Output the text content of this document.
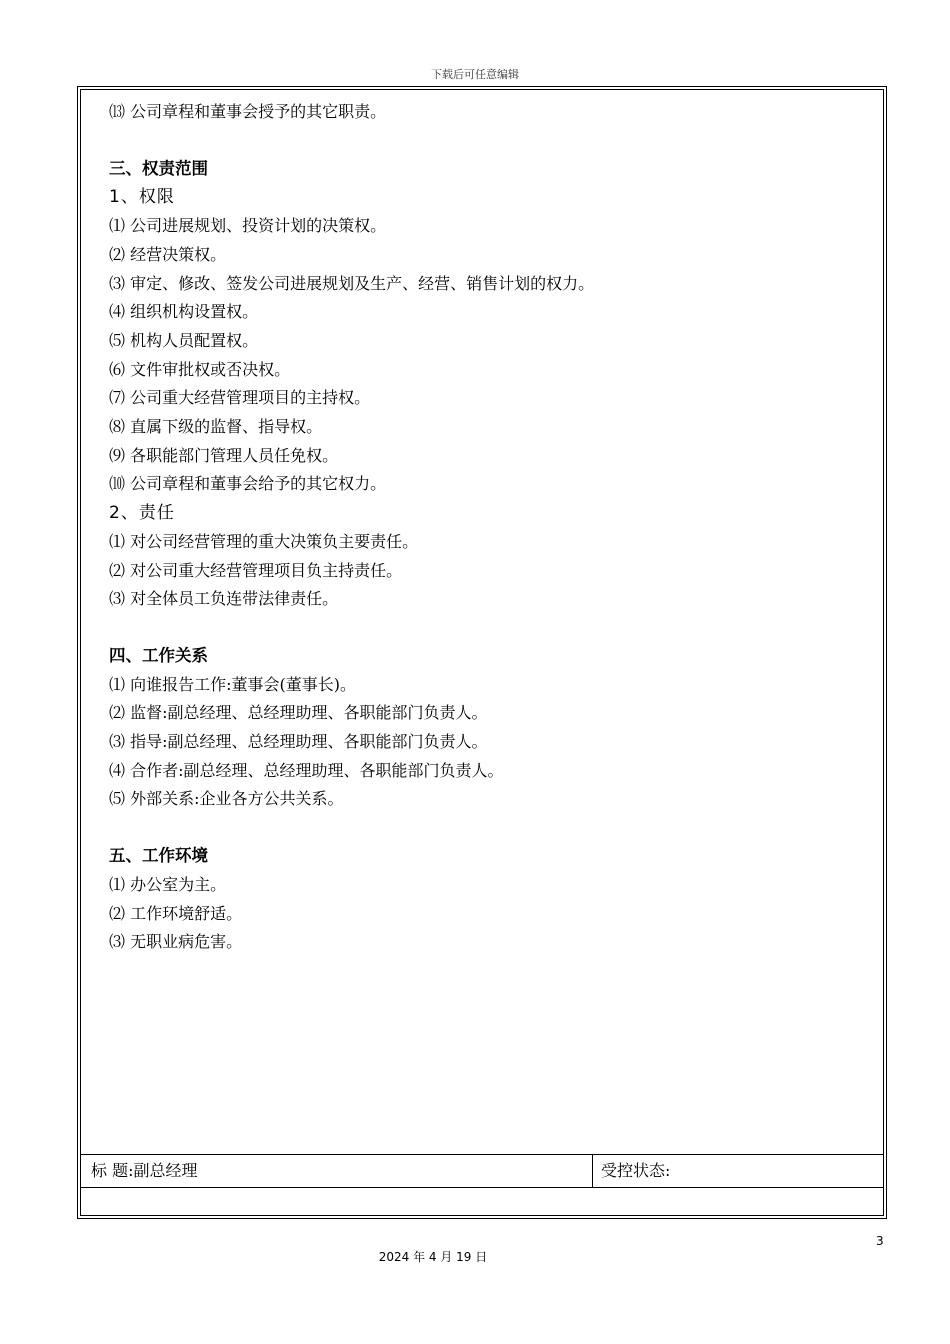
下载后可任意编辑
⒀ 公司章程和董事会授予的其它职责。
三、权责范围
1、权限
⑴ 公司进展规划、投资计划的决策权。
⑵ 经营决策权。
⑶ 审定、修改、签发公司进展规划及生产、经营、销售计划的权力。
⑷ 组织机构设置权。
⑸ 机构人员配置权。
⑹ 文件审批权或否决权。
⑺ 公司重大经营管理项目的主持权。
⑻ 直属下级的监督、指导权。
⑼ 各职能部门管理人员任免权。
⑽ 公司章程和董事会给予的其它权力。
2、责任
⑴ 对公司经营管理的重大决策负主要责任。
⑵ 对公司重大经营管理项目负主持责任。
⑶ 对全体员工负连带法律责任。
四、工作关系
⑴ 向谁报告工作:董事会(董事长)。
⑵ 监督:副总经理、总经理助理、各职能部门负责人。
⑶ 指导:副总经理、总经理助理、各职能部门负责人。
⑷ 合作者:副总经理、总经理助理、各职能部门负责人。
⑸ 外部关系:企业各方公共关系。
五、工作环境
⑴ 办公室为主。
⑵ 工作环境舒适。
⑶ 无职业病危害。
标 题:副总经理	受控状态:
3
2024 年 4 月 19 日
